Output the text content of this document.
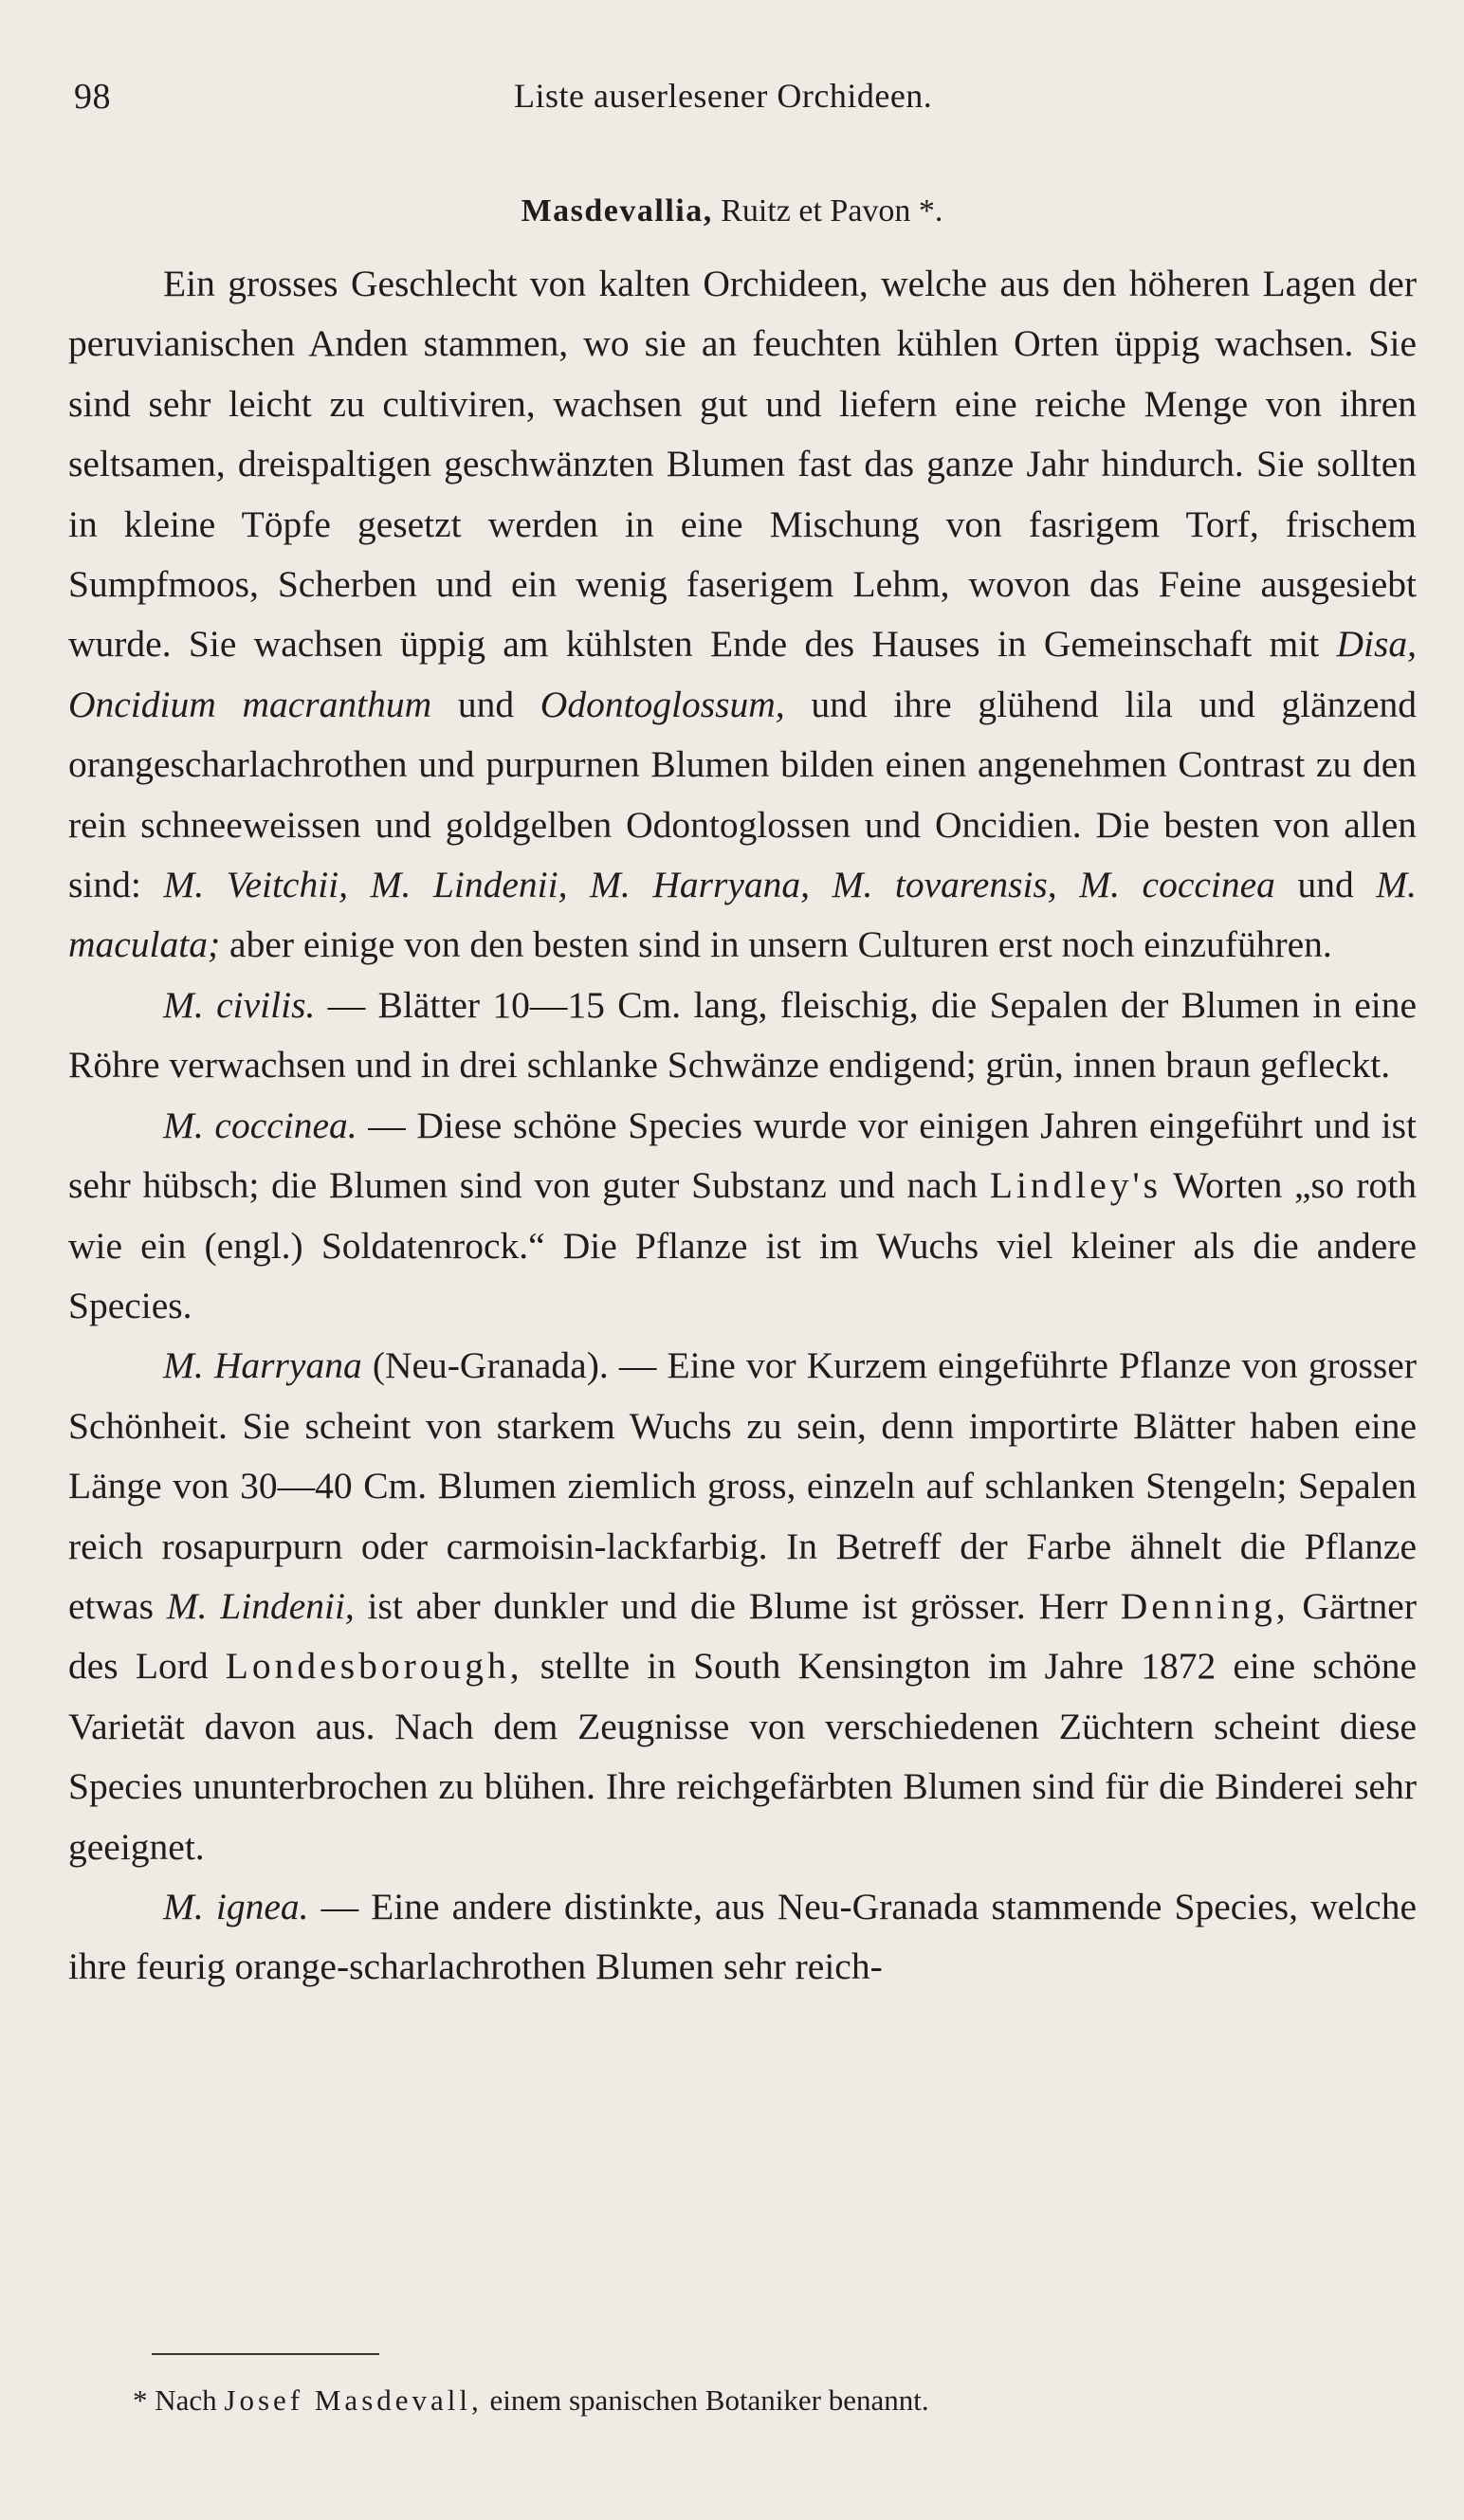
98	Liste auserlesener Orchideen.
Masdevallia, Ruitz et Pavon *.

Ein grosses Geschlecht von kalten Orchideen, welche aus den höheren Lagen der peruvianischen Anden stammen, wo sie an feuchten kühlen Orten üppig wachsen. Sie sind sehr leicht zu cultiviren, wachsen gut und liefern eine reiche Menge von ihren seltsamen, dreispaltigen geschwänzten Blumen fast das ganze Jahr hindurch. Sie sollten in kleine Töpfe gesetzt werden in eine Mischung von fasrigem Torf, frischem Sumpfmoos, Scherben und ein wenig faserigem Lehm, wovon das Feine ausgesiebt wurde. Sie wachsen üppig am kühlsten Ende des Hauses in Gemeinschaft mit Disa, Oncidium macranthum und Odontoglossum, und ihre glühend lila und glänzend orangescharlachrothen und purpurnen Blumen bilden einen angenehmen Contrast zu den rein schneeweissen und goldgelben Odontoglossen und Oncidien. Die besten von allen sind: M. Veitchii, M. Lindenii, M. Harryana, M. tovarensis, M. coccinea und M. maculata; aber einige von den besten sind in unsern Culturen erst noch einzuführen.

M. civilis. — Blätter 10—15 Cm. lang, fleischig, die Sepalen der Blumen in eine Röhre verwachsen und in drei schlanke Schwänze endigend; grün, innen braun gefleckt.

M. coccinea. — Diese schöne Species wurde vor einigen Jahren eingeführt und ist sehr hübsch; die Blumen sind von guter Substanz und nach Lindley's Worten „so roth wie ein (engl.) Soldatenrock.“ Die Pflanze ist im Wuchs viel kleiner als die andere Species.

M. Harryana (Neu-Granada). — Eine vor Kurzem eingeführte Pflanze von grosser Schönheit. Sie scheint von starkem Wuchs zu sein, denn importirte Blätter haben eine Länge von 30—40 Cm. Blumen ziemlich gross, einzeln auf schlanken Stengeln; Sepalen reich rosapurpurn oder carmoisin-lackfarbig. In Betreff der Farbe ähnelt die Pflanze etwas M. Lindenii, ist aber dunkler und die Blume ist grösser. Herr Denning, Gärtner des Lord Londesborough, stellte in South Kensington im Jahre 1872 eine schöne Varietät davon aus. Nach dem Zeugnisse von verschiedenen Züchtern scheint diese Species ununterbrochen zu blühen. Ihre reichgefärbten Blumen sind für die Binderei sehr geeignet.

M. ignea. — Eine andere distinkte, aus Neu-Granada stammende Species, welche ihre feurig orange-scharlachrothen Blumen sehr reich-

* Nach Josef Masdevall, einem spanischen Botaniker benannt.
